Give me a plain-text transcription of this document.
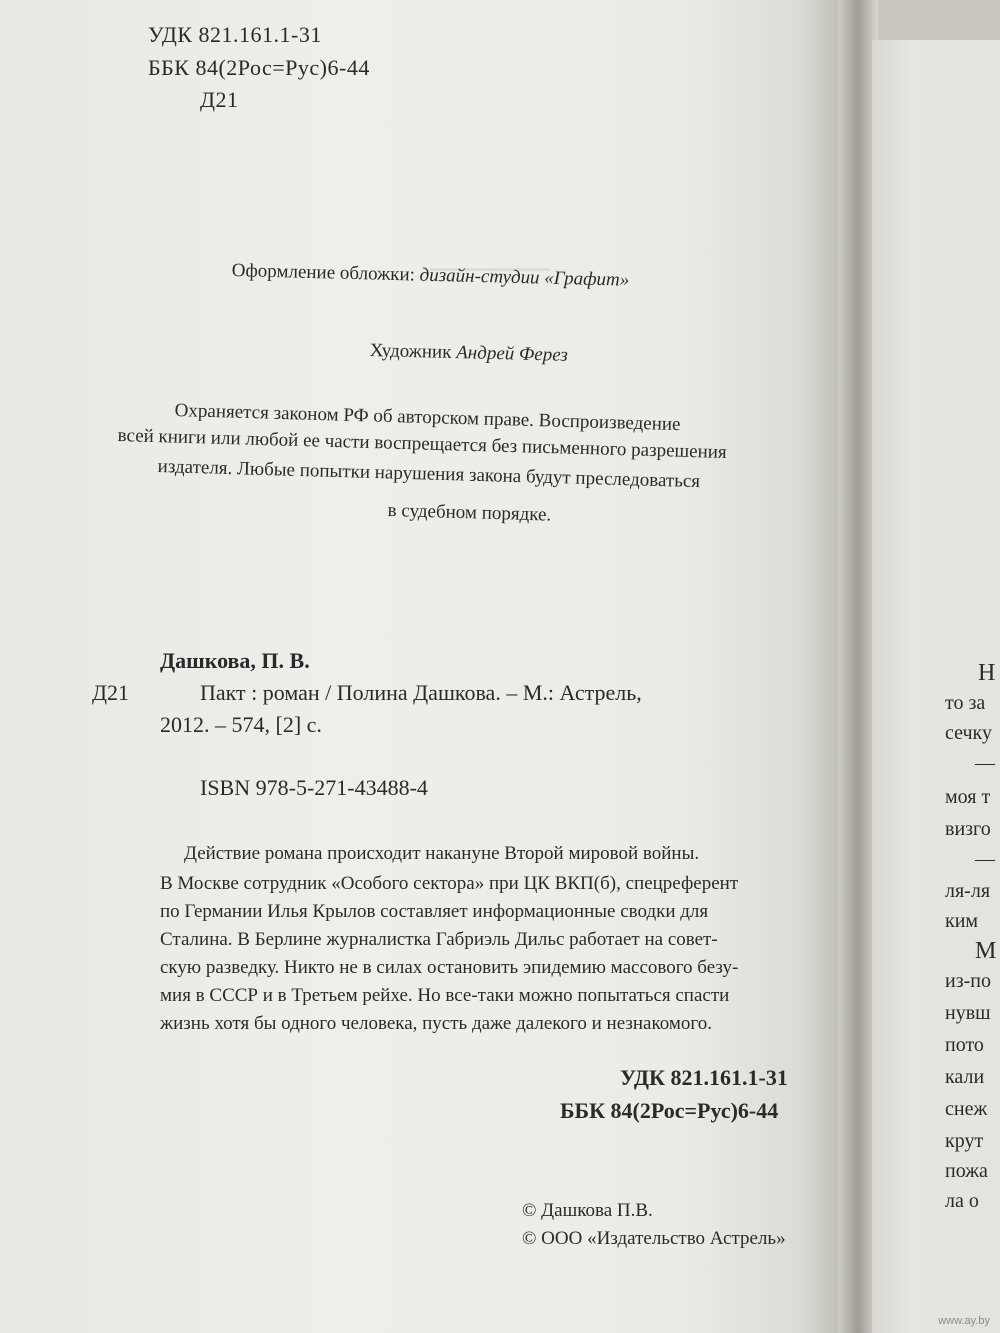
УДК 821.161.1-31
ББК 84(2Рос=Рус)6-44
Д21
Оформление обложки: дизайн-студии «Графит»
Художник Андрей Ферез
Охраняется законом РФ об авторском праве. Воспроизведение
всей книги или любой ее части воспрещается без письменного разрешения
издателя. Любые попытки нарушения закона будут преследоваться
в судебном порядке.
Дашкова, П. В.
Д21	Пакт : роман / Полина Дашкова. – М.: Астрель,
2012. – 574, [2] с.
ISBN 978-5-271-43488-4
Действие романа происходит накануне Второй мировой войны.
В Москве сотрудник «Особого сектора» при ЦК ВКП(б), спецреферент
по Германии Илья Крылов составляет информационные сводки для
Сталина. В Берлине журналистка Габриэль Дильс работает на совет-
скую разведку. Никто не в силах остановить эпидемию массового безу-
мия в СССР и в Третьем рейхе. Но все-таки можно попытаться спасти
жизнь хотя бы одного человека, пусть даже далекого и незнакомого.
УДК 821.161.1-31
ББК 84(2Рос=Рус)6-44
© Дашкова П.В.
© ООО «Издательство Астрель»
Н
то за
сечку
—
моя т
визго
—
ля-ля
ким
М
из-по
нувш
пото
кали
снеж
крут
пожа
ла о
www.ay.by
